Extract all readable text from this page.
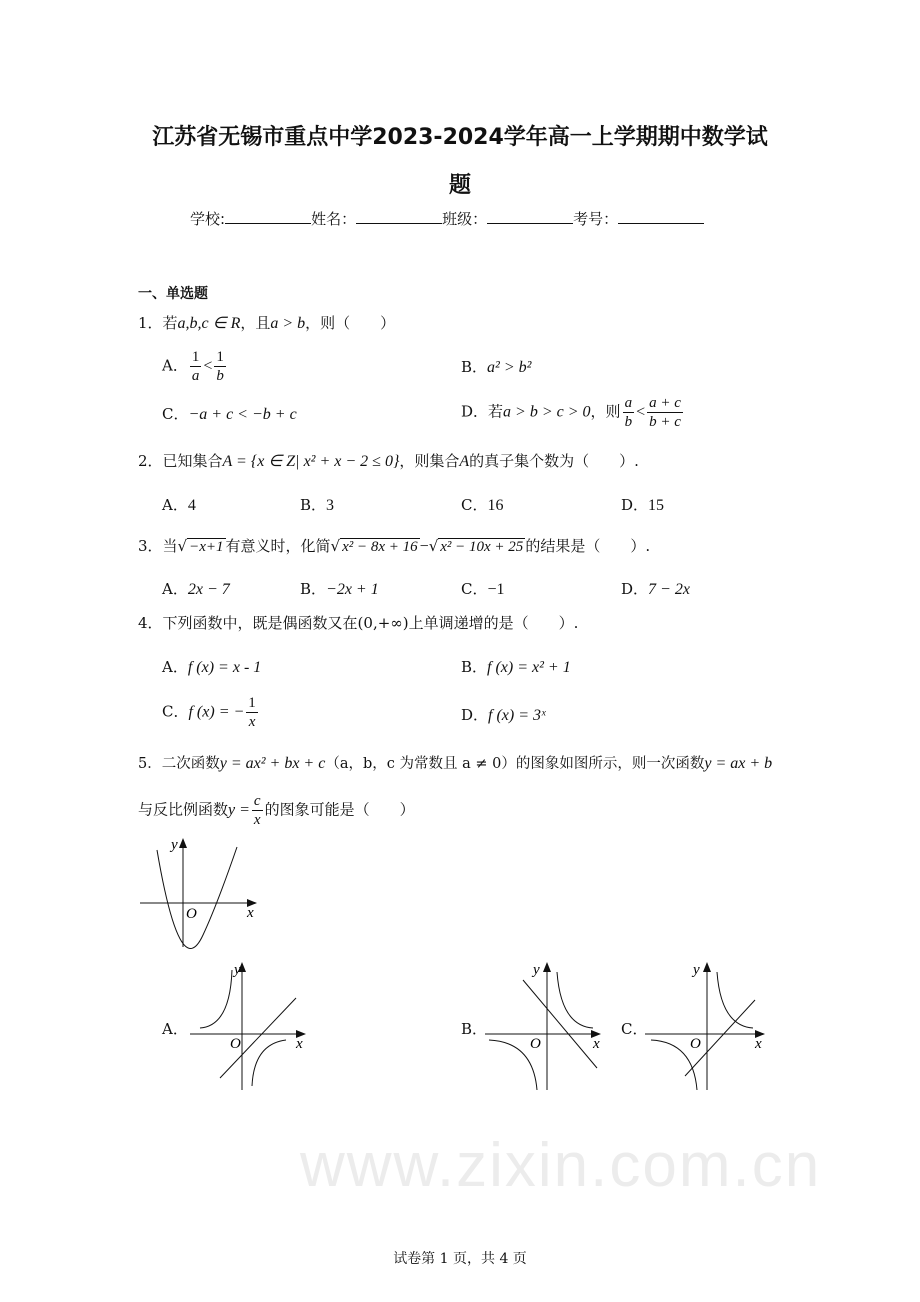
www.zixin.com.cn
江苏省无锡市重点中学2023-2024学年高一上学期期中数学试
题
学校:	姓名：	班级：	考号：
一、单选题
1．若a,b,c ∈ R，且a > b，则（　　）
A． $\frac{1}{a} < \frac{1}{b}$	B．a² > b²
C．−a + c < −b + c	D．若a > b > c > 0，则 $\frac{a}{b} < \frac{a + c}{b + c}$
2．已知集合A = {x ∈ Z| x² + x − 2 ≤ 0}，则集合A的真子集个数为（　　）.
A．4	B．3	C．16	D．15
3．当√ −x+1 有意义时，化简√ x² − 8x + 16 −√ x² − 10x + 25 的结果是（　　）.
A．2x − 7	B．−2x + 1	C．−1	D．7 − 2x
4．下列函数中，既是偶函数又在(0,+∞)上单调递增的是（　　）.
A．f (x) = x - 1	B．f (x) = x² + 1
C．f (x) = − $\frac{1}{x}$	D．f (x) = 3ˣ
5．二次函数y = ax² + bx + c（a，b，c 为常数且 a ≠ 0）的图象如图所示，则一次函数y = ax + b
与反比例函数$y = \frac{c}{x}$ 的图象可能是（　　）
x
y
O
A．
x
y
O
B．
x
y
O
C．
x
y
O
试卷第 1 页，共 4 页
